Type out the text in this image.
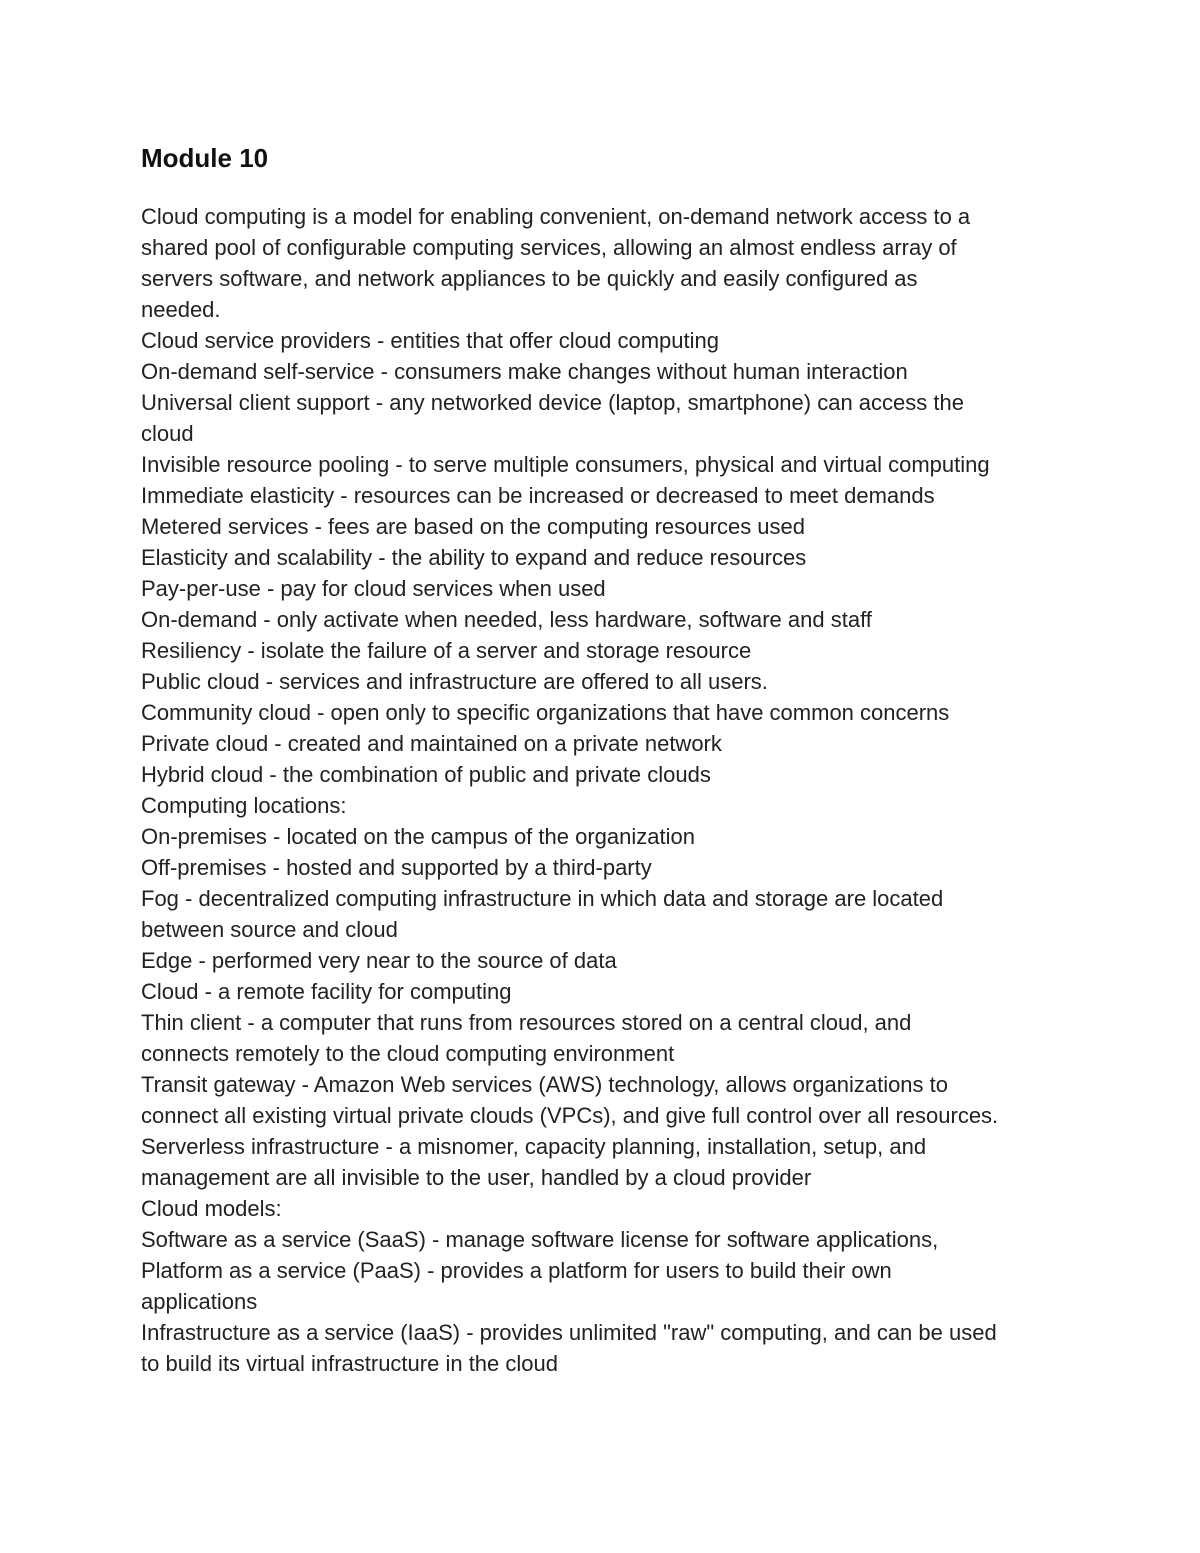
Module 10
Cloud computing is a model for enabling convenient, on-demand network access to a
shared pool of configurable computing services, allowing an almost endless array of
servers software, and network appliances to be quickly and easily configured as
needed.
Cloud service providers - entities that offer cloud computing
On-demand self-service - consumers make changes without human interaction
Universal client support - any networked device (laptop, smartphone) can access the
cloud
Invisible resource pooling - to serve multiple consumers, physical and virtual computing
Immediate elasticity - resources can be increased or decreased to meet demands
Metered services - fees are based on the computing resources used
Elasticity and scalability - the ability to expand and reduce resources
Pay-per-use - pay for cloud services when used
On-demand - only activate when needed, less hardware, software and staff
Resiliency - isolate the failure of a server and storage resource
Public cloud - services and infrastructure are offered to all users.
Community cloud - open only to specific organizations that have common concerns
Private cloud - created and maintained on a private network
Hybrid cloud - the combination of public and private clouds
Computing locations:
On-premises - located on the campus of the organization
Off-premises - hosted and supported by a third-party
Fog - decentralized computing infrastructure in which data and storage are located
between source and cloud
Edge - performed very near to the source of data
Cloud - a remote facility for computing
Thin client - a computer that runs from resources stored on a central cloud, and
connects remotely to the cloud computing environment
Transit gateway - Amazon Web services (AWS) technology, allows organizations to
connect all existing virtual private clouds (VPCs), and give full control over all resources.
Serverless infrastructure - a misnomer, capacity planning, installation, setup, and
management are all invisible to the user, handled by a cloud provider
Cloud models:
Software as a service (SaaS) - manage software license for software applications,
Platform as a service (PaaS) - provides a platform for users to build their own
applications
Infrastructure as a service (IaaS) - provides unlimited "raw" computing, and can be used
to build its virtual infrastructure in the cloud
